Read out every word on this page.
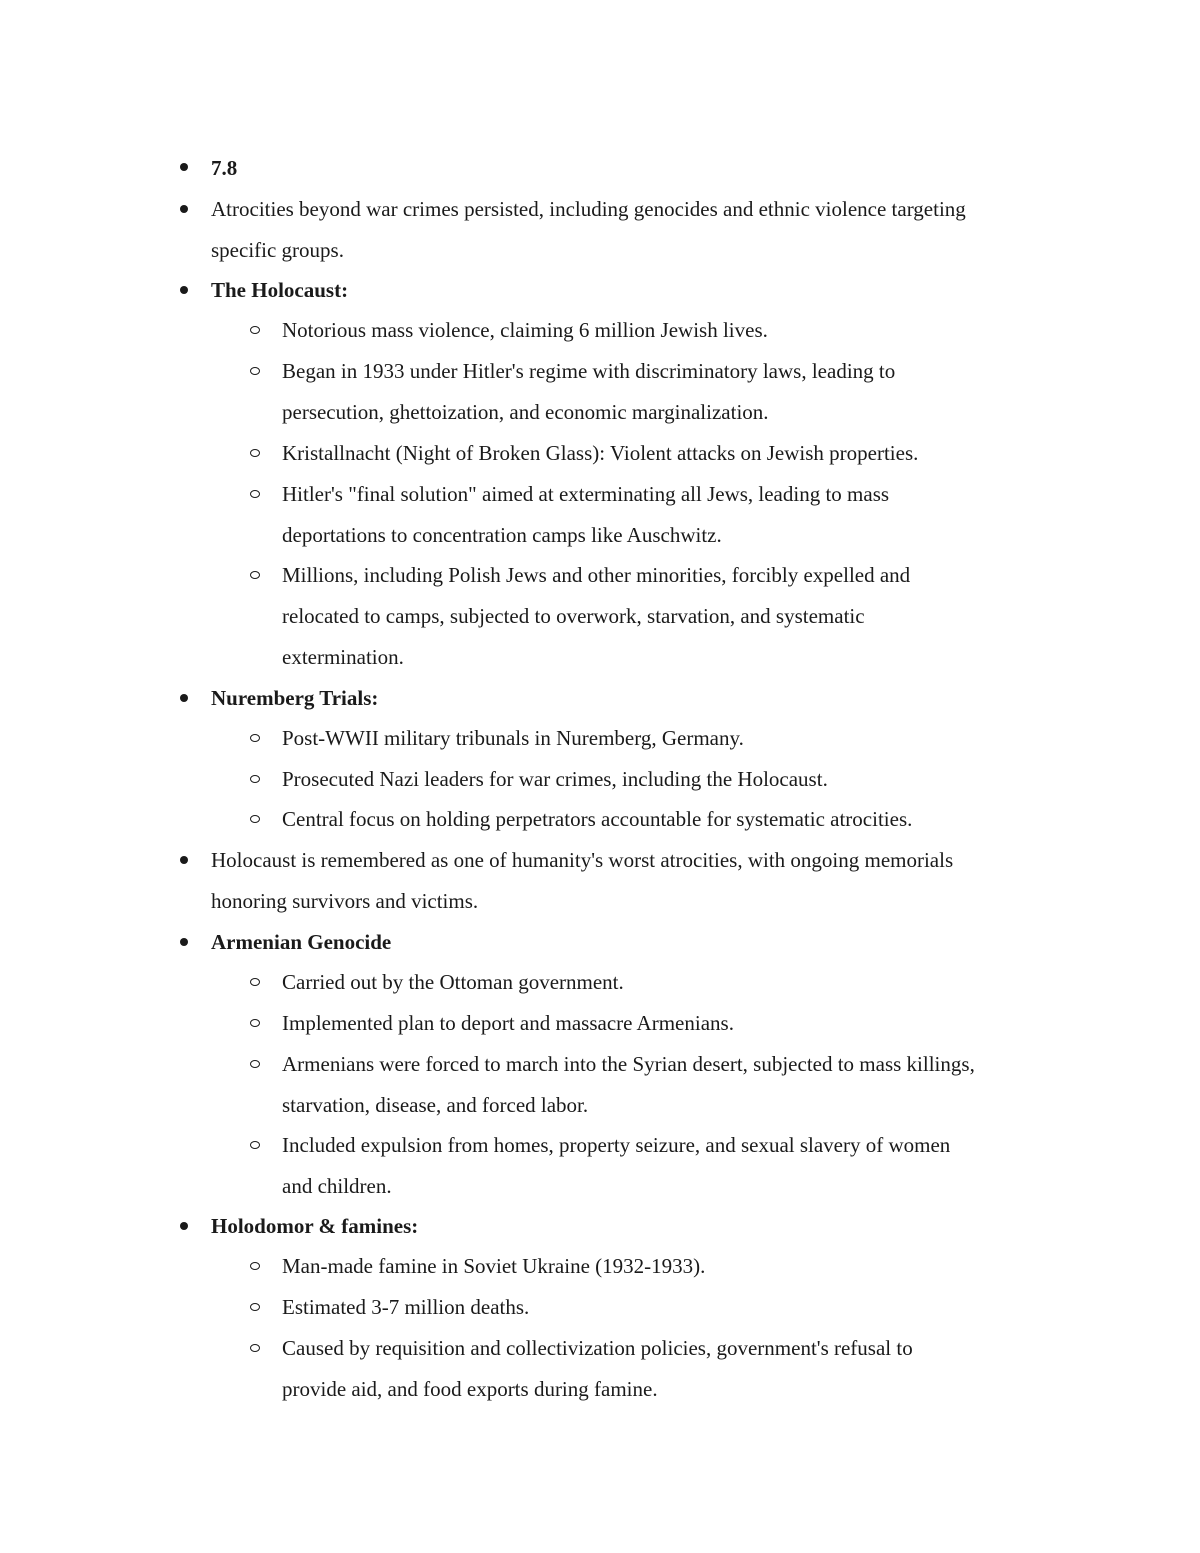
7.8
Atrocities beyond war crimes persisted, including genocides and ethnic violence targeting
specific groups.
The Holocaust:
Notorious mass violence, claiming 6 million Jewish lives.
Began in 1933 under Hitler's regime with discriminatory laws, leading to
persecution, ghettoization, and economic marginalization.
Kristallnacht (Night of Broken Glass): Violent attacks on Jewish properties.
Hitler's "final solution" aimed at exterminating all Jews, leading to mass
deportations to concentration camps like Auschwitz.
Millions, including Polish Jews and other minorities, forcibly expelled and
relocated to camps, subjected to overwork, starvation, and systematic
extermination.
Nuremberg Trials:
Post-WWII military tribunals in Nuremberg, Germany.
Prosecuted Nazi leaders for war crimes, including the Holocaust.
Central focus on holding perpetrators accountable for systematic atrocities.
Holocaust is remembered as one of humanity's worst atrocities, with ongoing memorials
honoring survivors and victims.
Armenian Genocide
Carried out by the Ottoman government.
Implemented plan to deport and massacre Armenians.
Armenians were forced to march into the Syrian desert, subjected to mass killings,
starvation, disease, and forced labor.
Included expulsion from homes, property seizure, and sexual slavery of women
and children.
Holodomor & famines:
Man-made famine in Soviet Ukraine (1932-1933).
Estimated 3-7 million deaths.
Caused by requisition and collectivization policies, government's refusal to
provide aid, and food exports during famine.
